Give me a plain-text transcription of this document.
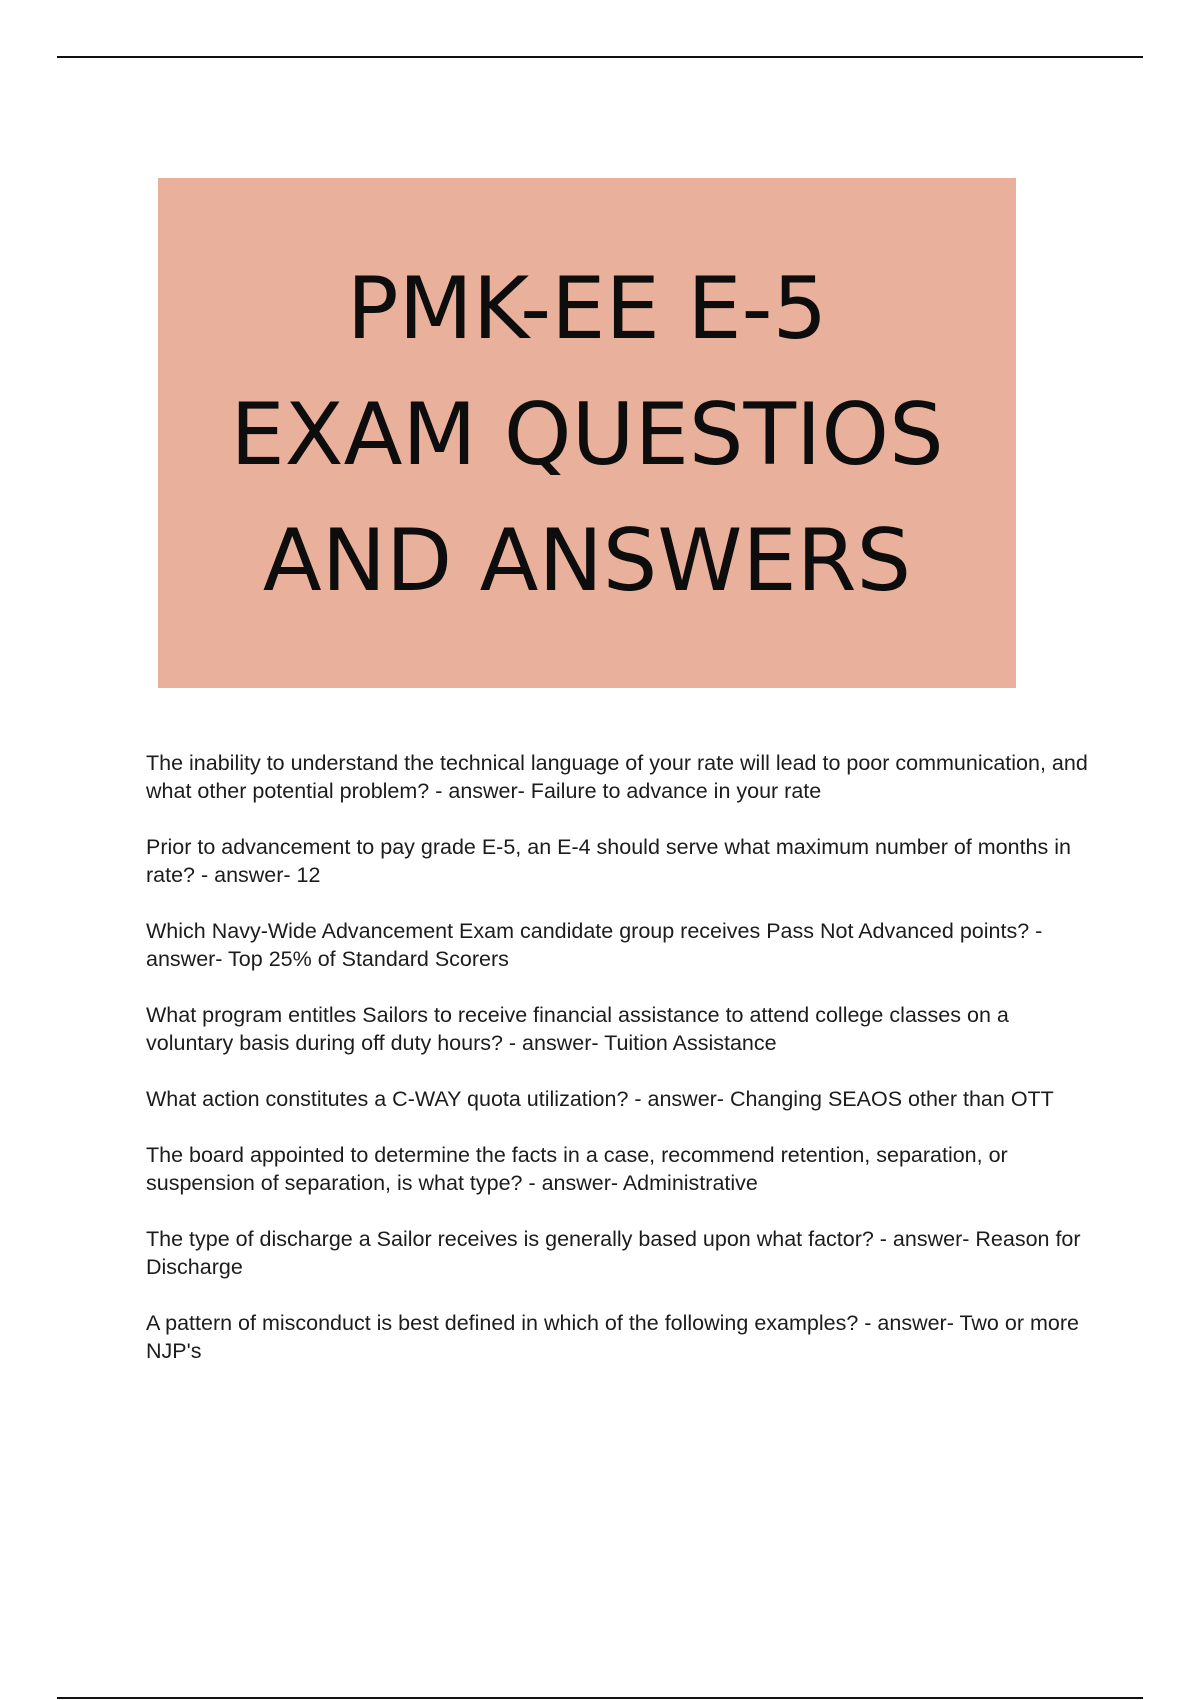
PMK-EE E-5
EXAM QUESTIOS
AND ANSWERS
The inability to understand the technical language of your rate will lead to poor communication, and what other potential problem? - answer- Failure to advance in your rate
Prior to advancement to pay grade E-5, an E-4 should serve what maximum number of months in rate? - answer- 12
Which Navy-Wide Advancement Exam candidate group receives Pass Not Advanced points? - answer- Top 25% of Standard Scorers
What program entitles Sailors to receive financial assistance to attend college classes on a voluntary basis during off duty hours? - answer- Tuition Assistance
What action constitutes a C-WAY quota utilization? - answer- Changing SEAOS other than OTT
The board appointed to determine the facts in a case, recommend retention, separation, or suspension of separation, is what type? - answer- Administrative
The type of discharge a Sailor receives is generally based upon what factor? - answer- Reason for Discharge
A pattern of misconduct is best defined in which of the following examples? - answer- Two or more NJP's
